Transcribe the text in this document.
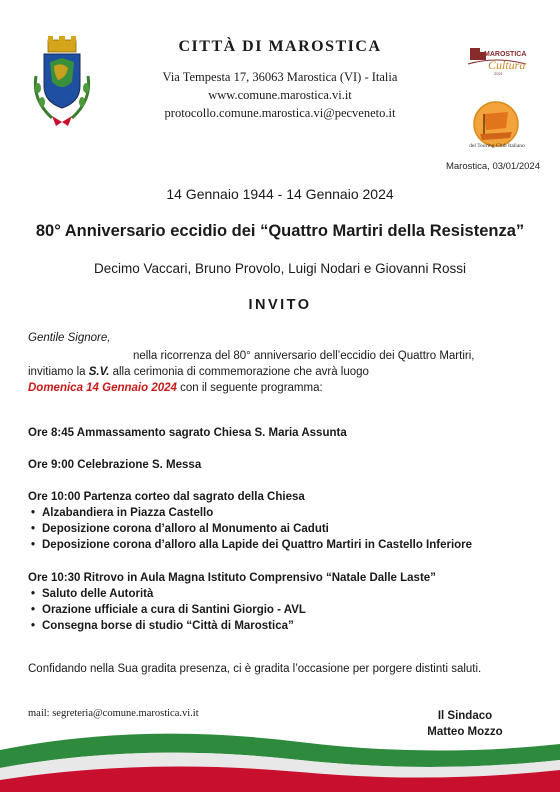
CITTÀ DI MAROSTICA
Via Tempesta 17, 36063 Marostica (VI) - Italia
www.comune.marostica.vi.it
protocollo.comune.marostica.vi@pecveneto.it
MAROSTICA
Cultura
2021
del Touring Club Italiano
Marostica, 03/01/2024
14 Gennaio 1944 - 14 Gennaio 2024
80° Anniversario eccidio dei “Quattro Martiri della Resistenza”
Decimo Vaccari, Bruno Provolo, Luigi Nodari e Giovanni Rossi
INVITO
Gentile Signore,
nella ricorrenza del 80° anniversario dell’eccidio dei Quattro Martiri,
invitiamo la S.V. alla cerimonia di commemorazione che avrà luogo
Domenica 14 Gennaio 2024 con il seguente programma:
Ore 8:45 Ammassamento sagrato Chiesa S. Maria Assunta
Ore 9:00 Celebrazione S. Messa
Ore 10:00 Partenza corteo dal sagrato della Chiesa
• Alzabandiera in Piazza Castello
• Deposizione corona d’alloro al Monumento ai Caduti
• Deposizione corona d’alloro alla Lapide dei Quattro Martiri in Castello Inferiore
Ore 10:30 Ritrovo in Aula Magna Istituto Comprensivo “Natale Dalle Laste”
• Saluto delle Autorità
• Orazione ufficiale a cura di Santini Giorgio - AVL
• Consegna borse di studio “Città di Marostica”
Confidando nella Sua gradita presenza, ci è gradita l’occasione per porgere distinti saluti.
mail: segreteria@comune.marostica.vi.it	Il Sindaco
Matteo Mozzo
